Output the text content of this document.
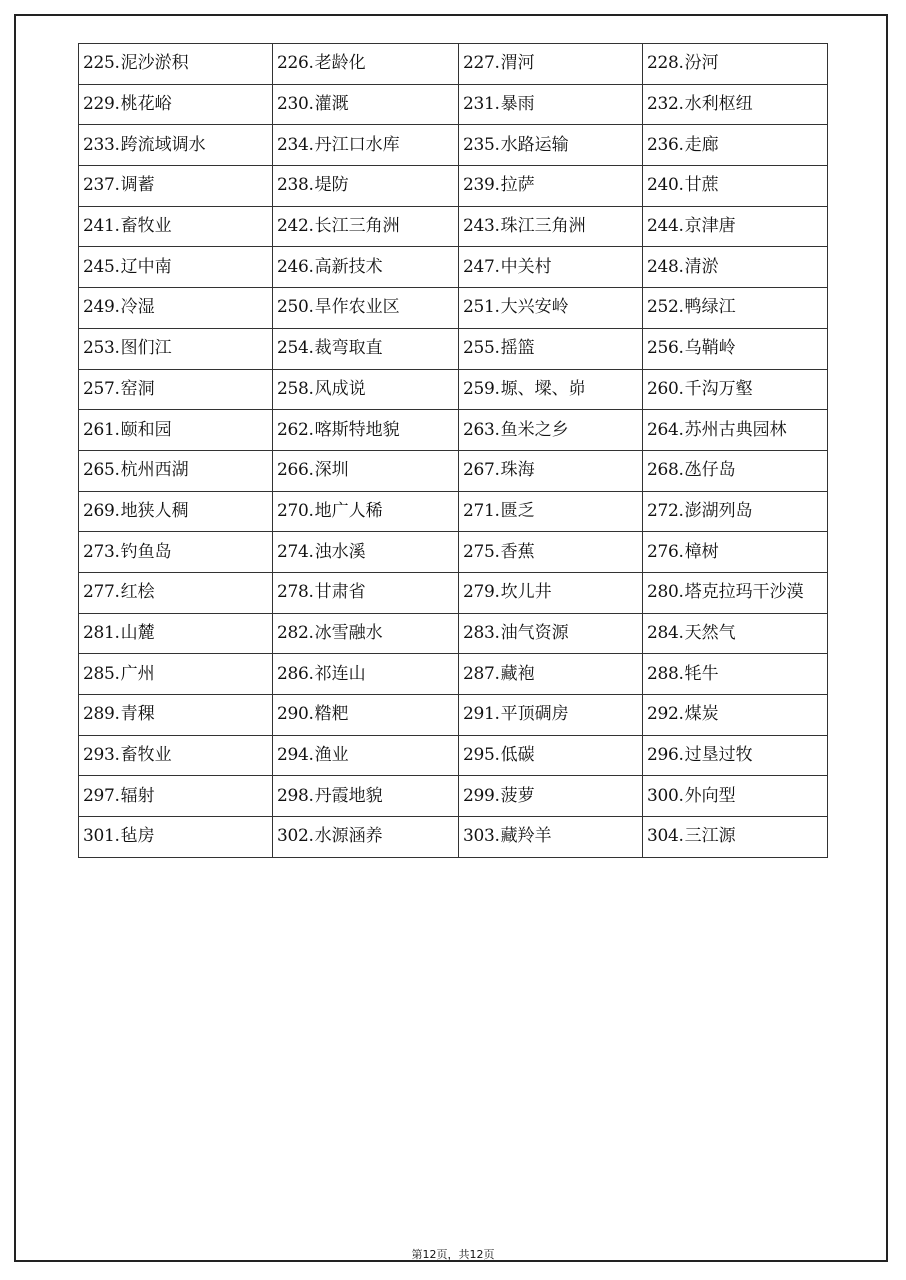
225.泥沙淤积	226.老龄化	227.渭河	228.汾河
229.桃花峪	230.灌溉	231.暴雨	232.水利枢纽
233.跨流域调水	234.丹江口水库	235.水路运输	236.走廊
237.调蓄	238.堤防	239.拉萨	240.甘蔗
241.畜牧业	242.长江三角洲	243.珠江三角洲	244.京津唐
245.辽中南	246.高新技术	247.中关村	248.清淤
249.冷湿	250.旱作农业区	251.大兴安岭	252.鸭绿江
253.图们江	254.裁弯取直	255.摇篮	256.乌鞘岭
257.窑洞	258.风成说	259.塬、墚、峁	260.千沟万壑
261.颐和园	262.喀斯特地貌	263.鱼米之乡	264.苏州古典园林
265.杭州西湖	266.深圳	267.珠海	268.氹仔岛
269.地狭人稠	270.地广人稀	271.匮乏	272.澎湖列岛
273.钓鱼岛	274.浊水溪	275.香蕉	276.樟树
277.红桧	278.甘肃省	279.坎儿井	280.塔克拉玛干沙漠
281.山麓	282.冰雪融水	283.油气资源	284.天然气
285.广州	286.祁连山	287.藏袍	288.牦牛
289.青稞	290.糌粑	291.平顶碉房	292.煤炭
293.畜牧业	294.渔业	295.低碳	296.过垦过牧
297.辐射	298.丹霞地貌	299.菠萝	300.外向型
301.毡房	302.水源涵养	303.藏羚羊	304.三江源
第12页，共12页
